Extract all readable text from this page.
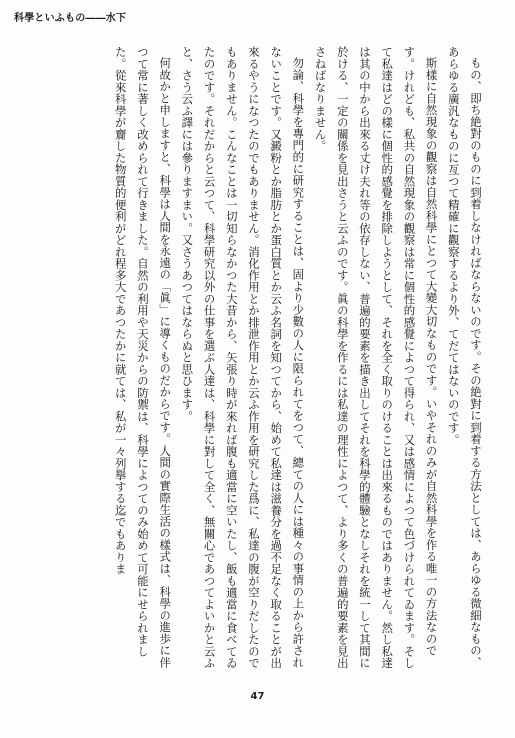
科學といふもの――水下

もの、即ち絶對のものに到着しなければならないのです。その絶對に到着する方法としては、あらゆる微細なもの、あらゆる廣汎なものに亙つて精確に觀察するより外、てだてはないのです。

斯樣に自然現象の觀察は自然科學にとつて大變大切なものです。いやそれのみが自然科學を作る唯一の方法なのです。けれども、私共の自然現象の觀察は常に個性的感覺によつて得られ、又は感情によつて色づけられてゐます。そして私達はどの樣に個性的感覺を排除しようとして、それを全く取りのけることは出來るものではありません。然し私達は其の中から出來る丈け夫れ等の依存しない、普遍的要素を描き出してそれを科學的體驗となしそれを統一して其間に於ける、一定の關係を見出さうと云ふのです。眞の科學を作るには私達の理性によつて、より多くの普遍的要素を見出さねばなりません。

勿論、科學を專門的に研究することは、固より少數の人に限られてをつて、總ての人には種々の事情の上から許されないことです。又澱粉とか脂肪とか蛋白質とか云ふ名詞を知つてから、始めて私達は滋養分を過不足なく取ることが出來るやうになつたのでもありません。消化作用とか排泄作用とか云ふ作用を研究した爲に、私達の腹が空りだしたのでもありません。こんなことは一切知らなかつた大昔から、矢張り時が來れば腹も適當に空いたし、飯も適當に食べてゐたのです。それだからと云つて、科學研究以外の仕事を選ぶ人達は、科學に對して全く、無關心であつてよいかと云ふと、さう云ふ譯には參りますまい。又さうあつてはならぬと思ひます。

何故かと申しますと、科學は人間を永遠の「眞」に導くものだからです。人間の實際生活の樣式は、科學の進歩に伴つて常に著しく改められて行きました。自然の利用や天災からの防禦は、科學によつてのみ始めて可能にせられました。從來科學が齎した物質的便利がどれ程多大であつたかに就ては、私が一々列擧する迄でもありま

47
